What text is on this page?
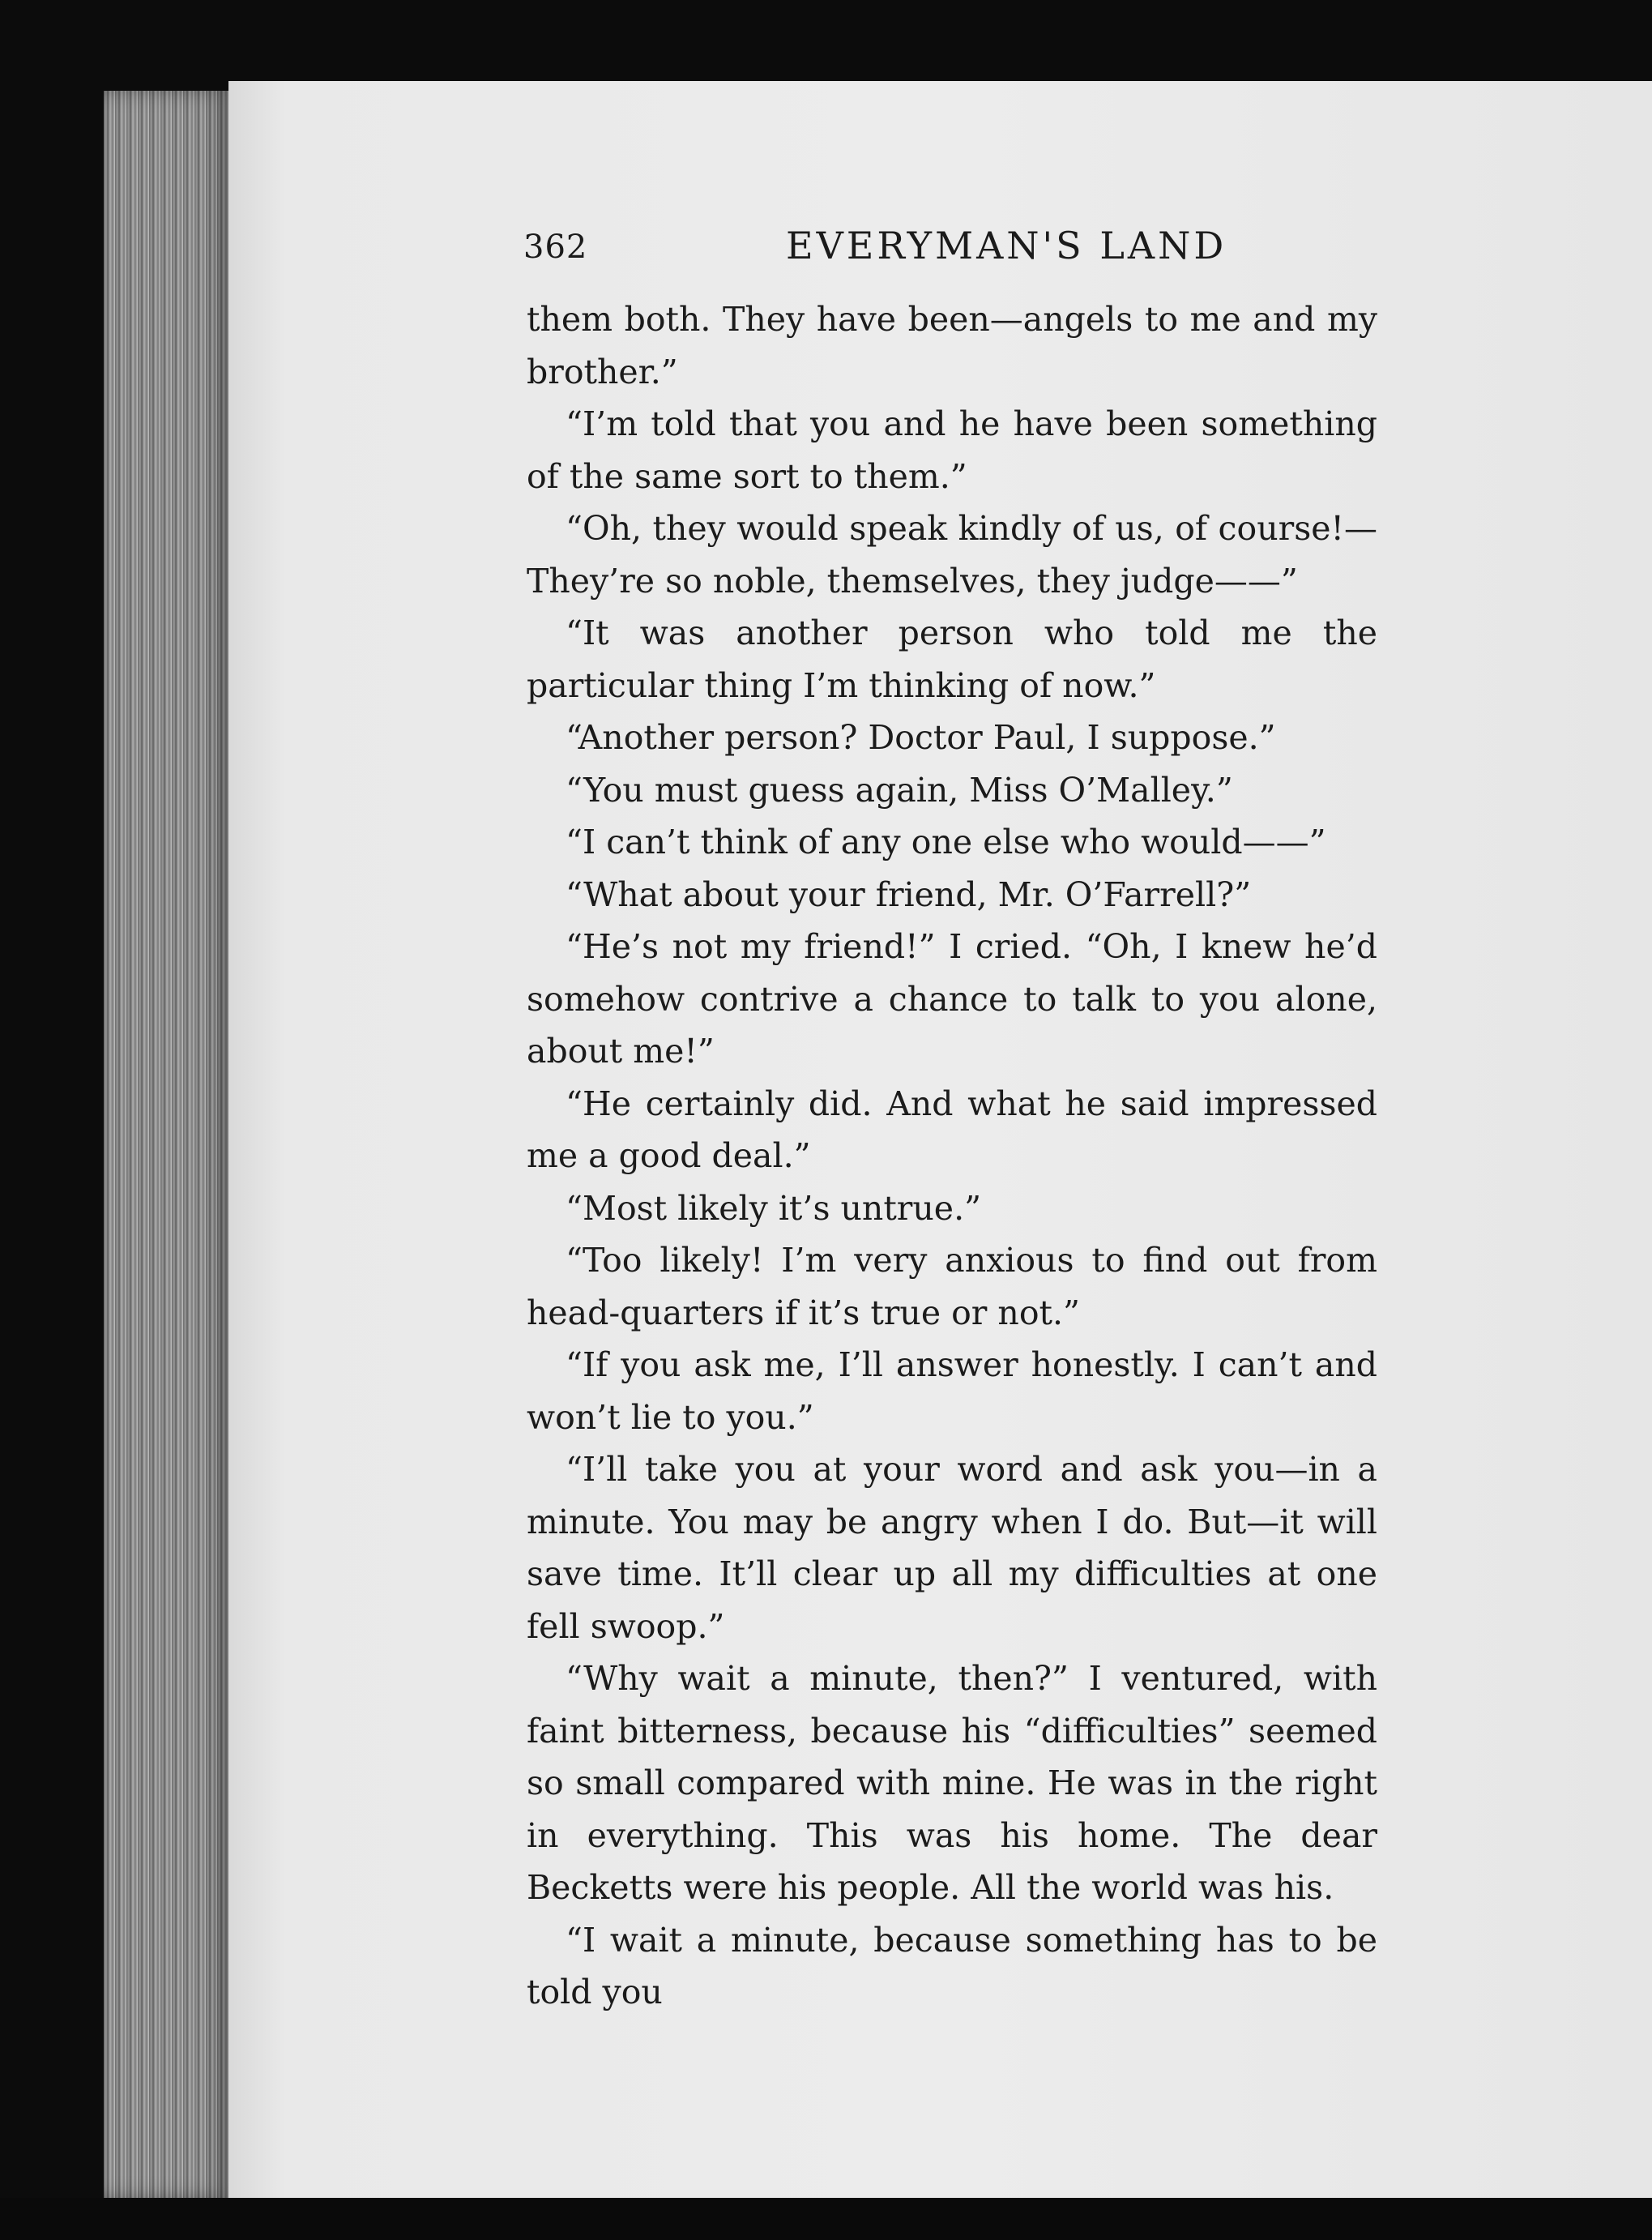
362	EVERYMAN'S LAND

them both. They have been—angels to me and my brother.”

“I’m told that you and he have been something of the same sort to them.”

“Oh, they would speak kindly of us, of course!—They’re so noble, themselves, they judge——”

“It was another person who told me the particular thing I’m thinking of now.”

“Another person? Doctor Paul, I suppose.”

“You must guess again, Miss O’Malley.”

“I can’t think of any one else who would——”

“What about your friend, Mr. O’Farrell?”

“He’s not my friend!” I cried. “Oh, I knew he’d somehow contrive a chance to talk to you alone, about me!”

“He certainly did. And what he said impressed me a good deal.”

“Most likely it’s untrue.”

“Too likely! I’m very anxious to find out from head-quarters if it’s true or not.”

“If you ask me, I’ll answer honestly. I can’t and won’t lie to you.”

“I’ll take you at your word and ask you—in a minute. You may be angry when I do. But—it will save time. It’ll clear up all my difficulties at one fell swoop.”

“Why wait a minute, then?” I ventured, with faint bitterness, because his “difficulties” seemed so small compared with mine. He was in the right in everything. This was his home. The dear Becketts were his people. All the world was his.

“I wait a minute, because something has to be told you
